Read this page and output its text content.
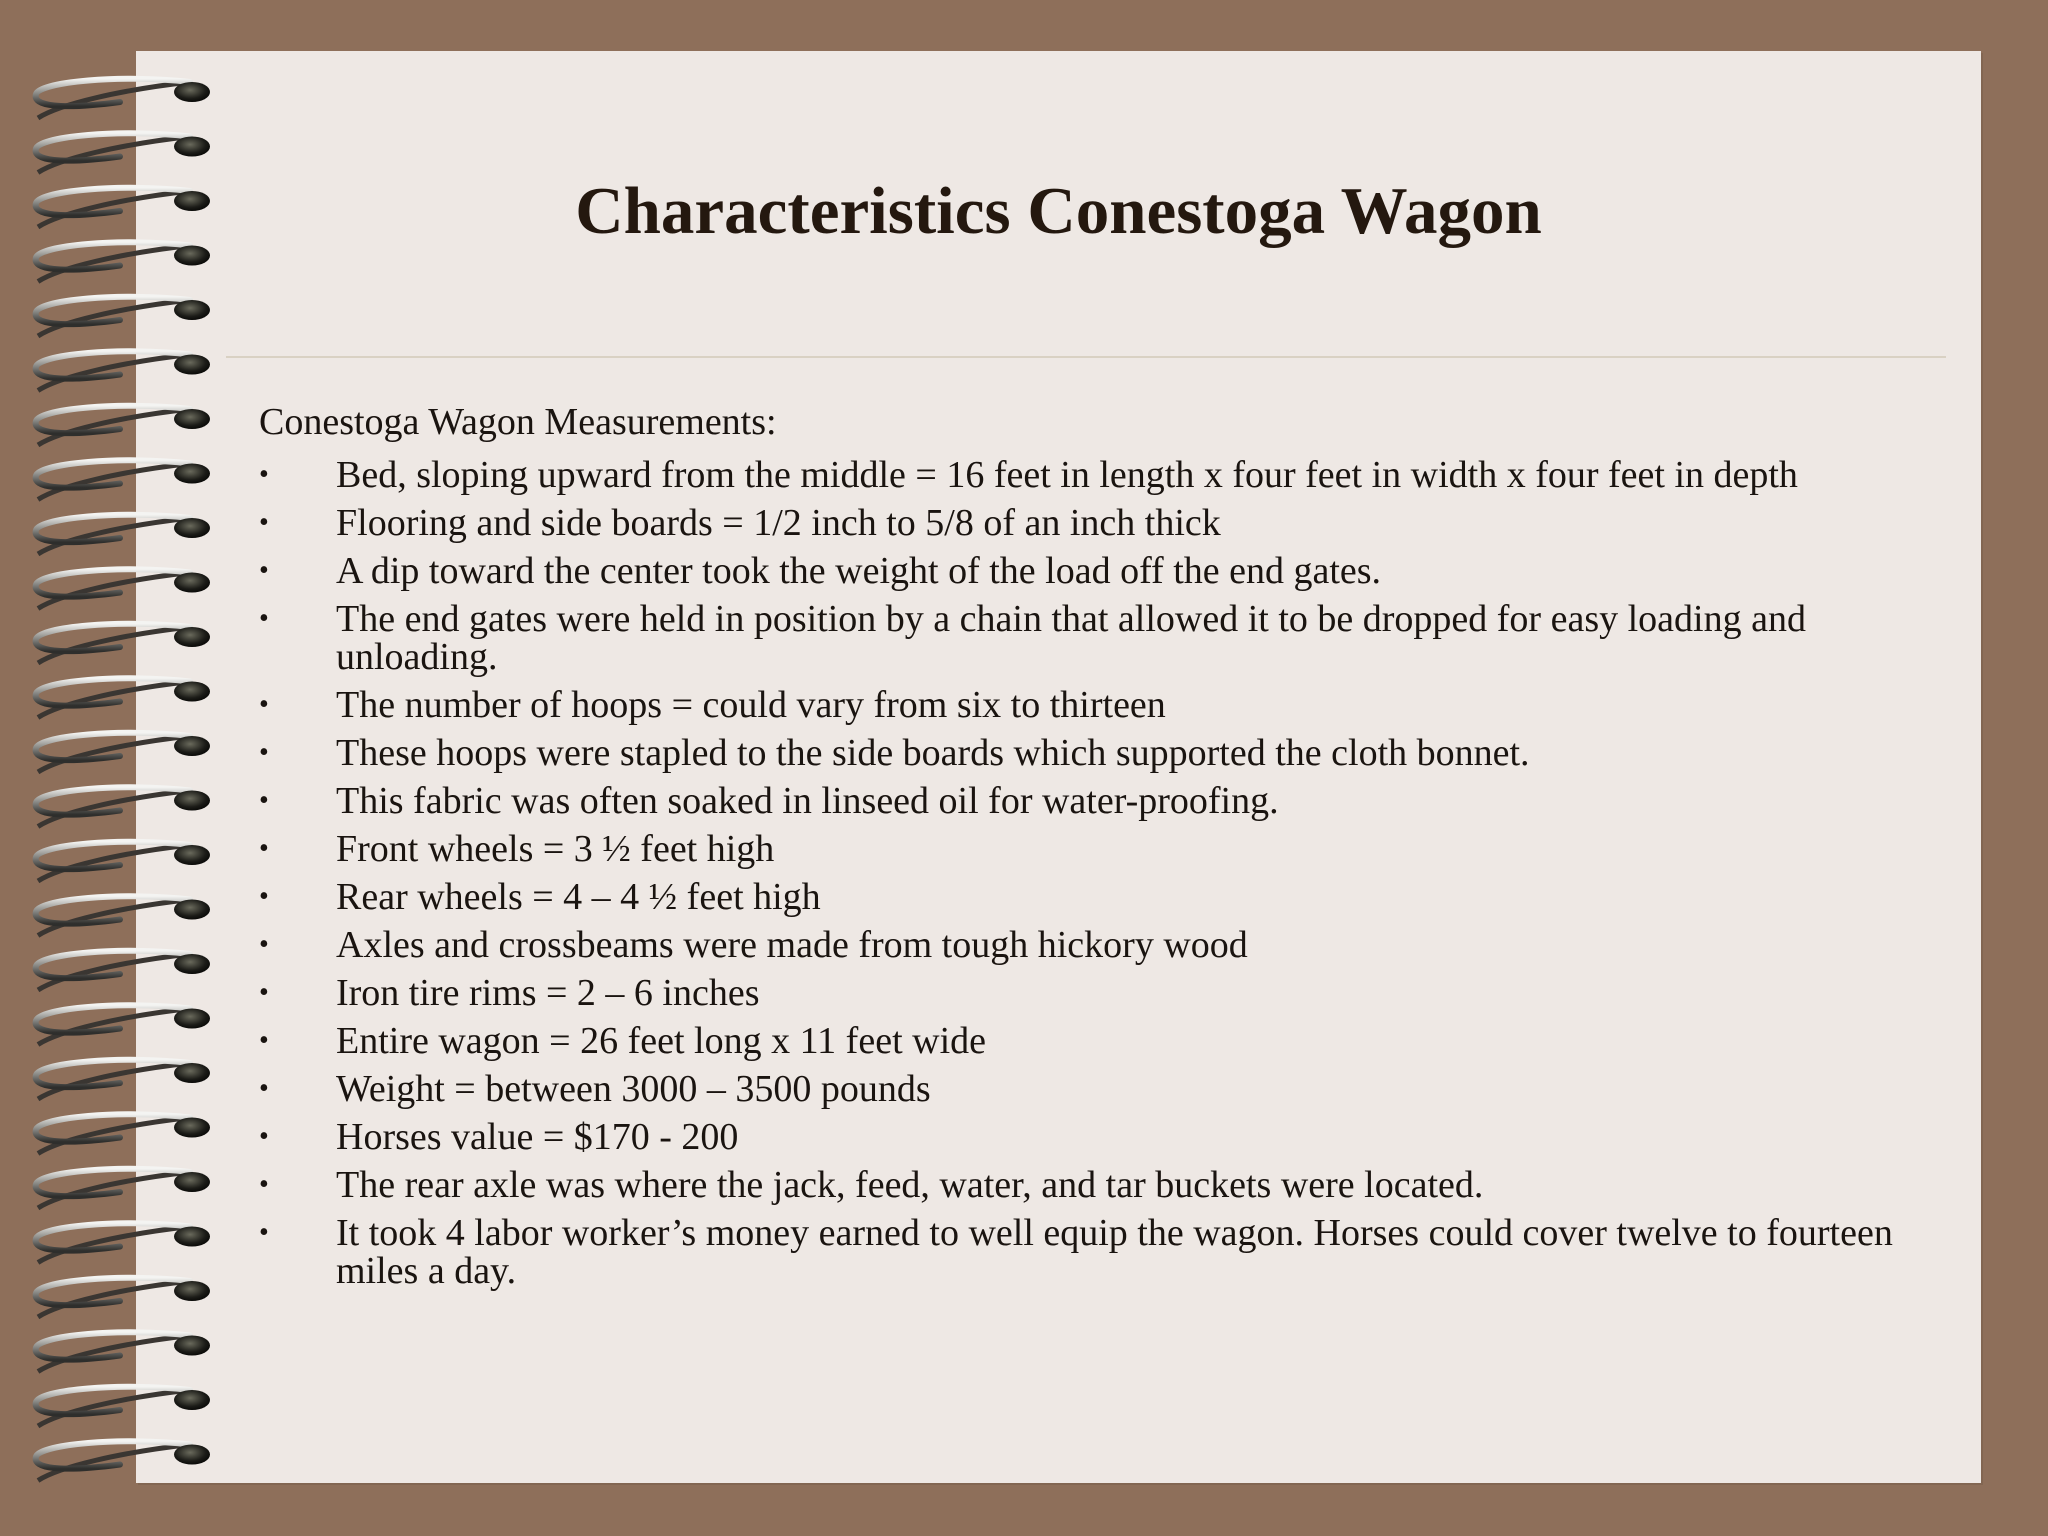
Characteristics Conestoga Wagon

Conestoga Wagon Measurements:

• Bed, sloping upward from the middle = 16 feet in length x four feet in width x four feet in depth
• Flooring and side boards = 1/2 inch to 5/8 of an inch thick
• A dip toward the center took the weight of the load off the end gates.
• The end gates were held in position by a chain that allowed it to be dropped for easy loading and unloading.
• The number of hoops = could vary from six to thirteen
• These hoops were stapled to the side boards which supported the cloth bonnet.
• This fabric was often soaked in linseed oil for water-proofing.
• Front wheels = 3 ½ feet high
• Rear wheels = 4 – 4 ½ feet high
• Axles and crossbeams were made from tough hickory wood
• Iron tire rims = 2 – 6 inches
• Entire wagon = 26 feet long x 11 feet wide
• Weight = between 3000 – 3500 pounds
• Horses value = $170 - 200
• The rear axle was where the jack, feed, water, and tar buckets were located.
• It took 4 labor worker’s money earned to well equip the wagon. Horses could cover twelve to fourteen miles a day.
